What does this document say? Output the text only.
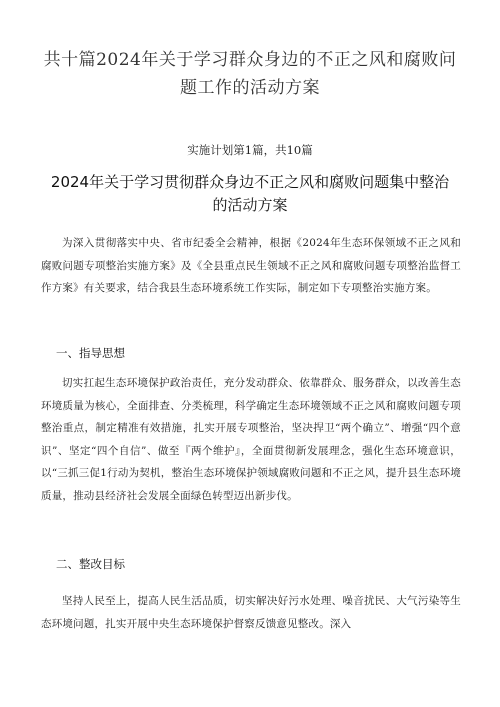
共十篇2024年关于学习群众身边的不正之风和腐败问题工作的活动方案

实施计划第1篇，共10篇

2024年关于学习贯彻群众身边不正之风和腐败问题集中整治的活动方案

为深入贯彻落实中央、省市纪委全会精神，根据《2024年生态环保领域不正之风和腐败问题专项整治实施方案》及《全县重点民生领域不正之风和腐败问题专项整治监督工作方案》有关要求，结合我县生态环境系统工作实际，制定如下专项整治实施方案。

一、指导思想

切实扛起生态环境保护政治责任，充分发动群众、依靠群众、服务群众，以改善生态环境质量为核心，全面排查、分类梳理，科学确定生态环境领域不正之风和腐败问题专项整治重点，制定精准有效措施，扎实开展专项整治，坚决捍卫“两个确立”、增强“四个意识”、坚定“四个自信”、做至『两个维护』，全面贯彻新发展理念，强化生态环境意识，以“三抓三促1行动为契机，整治生态环境保护领域腐败问题和不正之风，提升县生态环境质量，推动县经济社会发展全面绿色转型迈出新步伐。

二、整改目标

坚持人民至上，提高人民生活品质，切实解决好污水处理、噪音扰民、大气污染等生态环境问题，扎实开展中央生态环境保护督察反馈意见整改。深入
